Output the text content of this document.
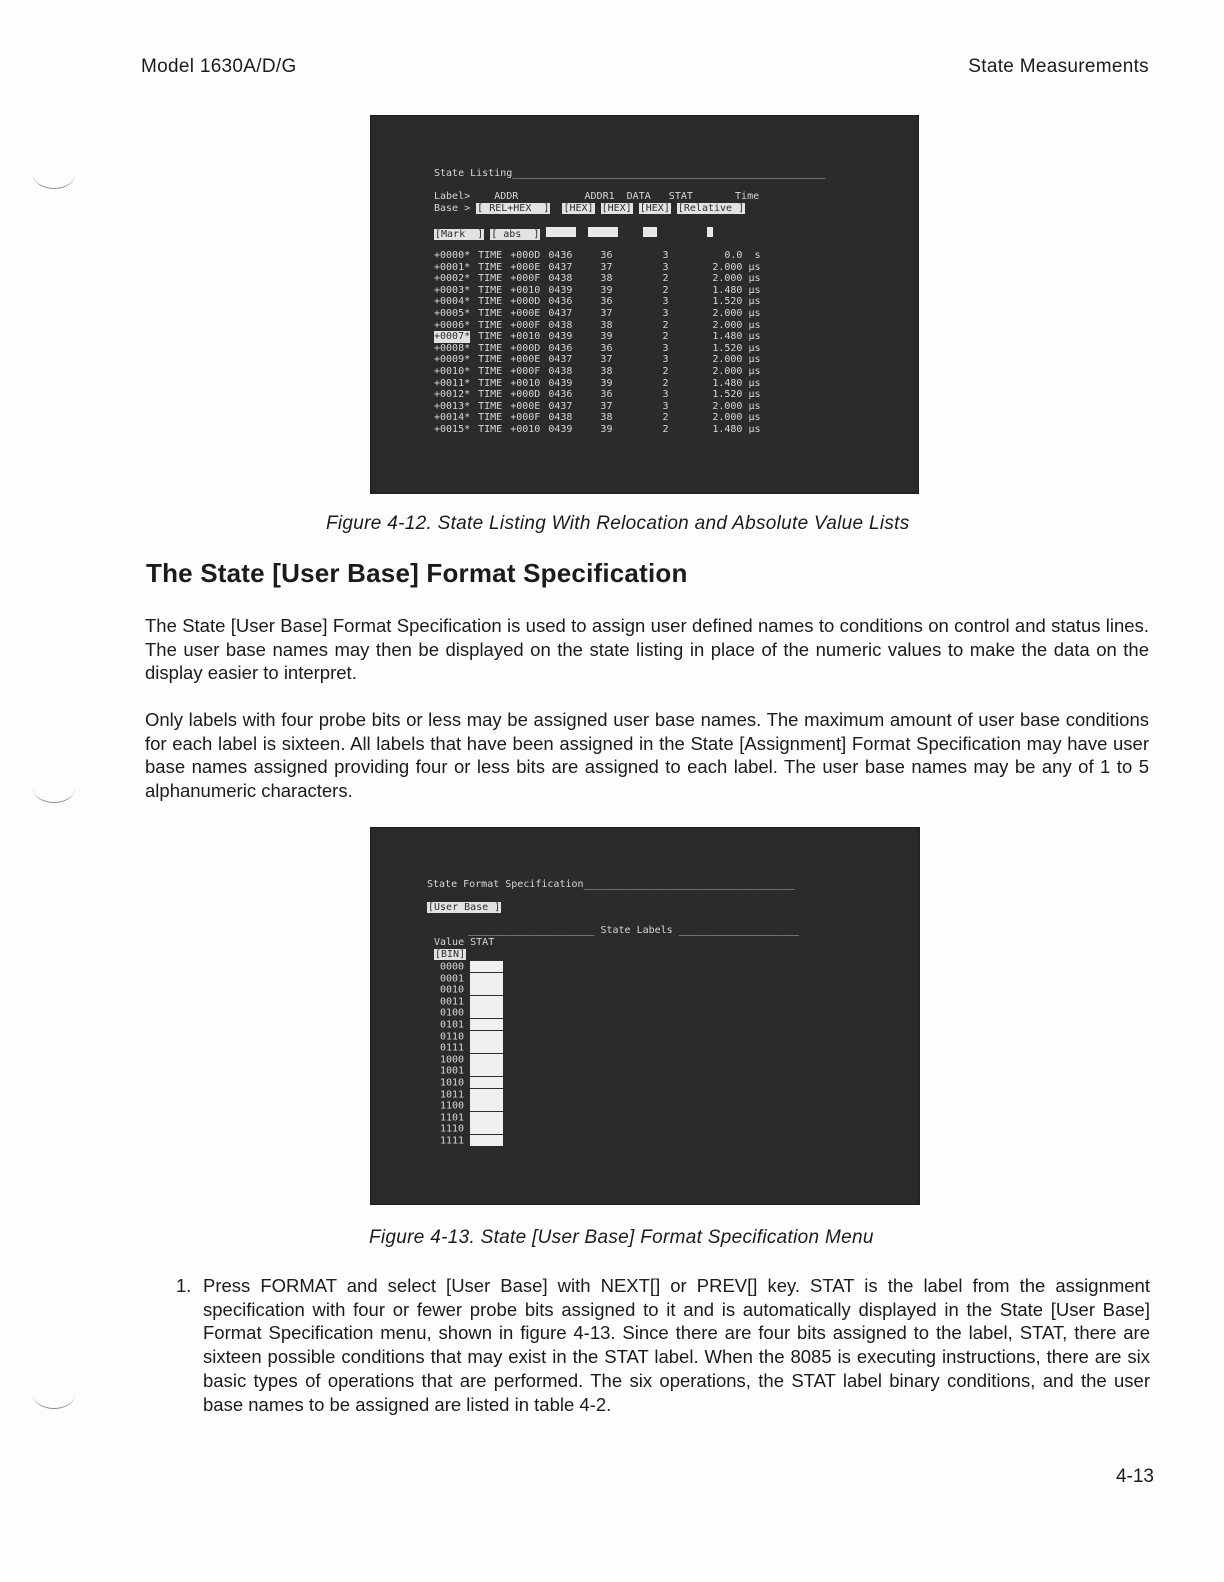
Model 1630A/D/G	State Measurements
State Listing____________________________________________________
Label>    ADDR           ADDR1  DATA   STAT       Time
Base > [ REL+HEX  ] [HEX] [HEX] [HEX] [Relative ]
[Mark  ] [ abs  ]
+0000*	TIME	+000D	0436	36	3	0.0  s
+0001*	TIME	+000E	0437	37	3	2.000 µs
+0002*	TIME	+000F	0438	38	2	2.000 µs
+0003*	TIME	+0010	0439	39	2	1.480 µs
+0004*	TIME	+000D	0436	36	3	1.520 µs
+0005*	TIME	+000E	0437	37	3	2.000 µs
+0006*	TIME	+000F	0438	38	2	2.000 µs
+0007*	TIME	+0010	0439	39	2	1.480 µs
+0008*	TIME	+000D	0436	36	3	1.520 µs
+0009*	TIME	+000E	0437	37	3	2.000 µs
+0010*	TIME	+000F	0438	38	2	2.000 µs
+0011*	TIME	+0010	0439	39	2	1.480 µs
+0012*	TIME	+000D	0436	36	3	1.520 µs
+0013*	TIME	+000E	0437	37	3	2.000 µs
+0014*	TIME	+000F	0438	38	2	2.000 µs
+0015*	TIME	+0010	0439	39	2	1.480 µs
Figure 4-12. State Listing With Relocation and Absolute Value Lists
The State [User Base] Format Specification

The State [User Base] Format Specification is used to assign user defined names to conditions on control and status lines. The user base names may then be displayed on the state listing in place of the numeric values to make the data on the display easier to interpret.

Only labels with four probe bits or less may be assigned user base names. The maximum amount of user base conditions for each label is sixteen. All labels that have been assigned in the State [Assignment] Format Specification may have user base names assigned providing four or less bits are assigned to each label. The user base names may be any of 1 to 5 alphanumeric characters.

State Format Specification___________________________________
[User Base ]
_____________________ State Labels ____________________
Value STAT
[BIN]
0000
0001
0010
0011
0100
0101
0110
0111
1000
1001
1010
1011
1100
1101
1110
1111
Figure 4-13. State [User Base] Format Specification Menu
1. Press FORMAT and select [User Base] with NEXT[] or PREV[] key. STAT is the label from the assignment specification with four or fewer probe bits assigned to it and is automatically displayed in the State [User Base] Format Specification menu, shown in figure 4-13. Since there are four bits assigned to the label, STAT, there are sixteen possible conditions that may exist in the STAT label. When the 8085 is executing instructions, there are six basic types of operations that are performed. The six operations, the STAT label binary conditions, and the user base names to be assigned are listed in table 4-2.
4-13
